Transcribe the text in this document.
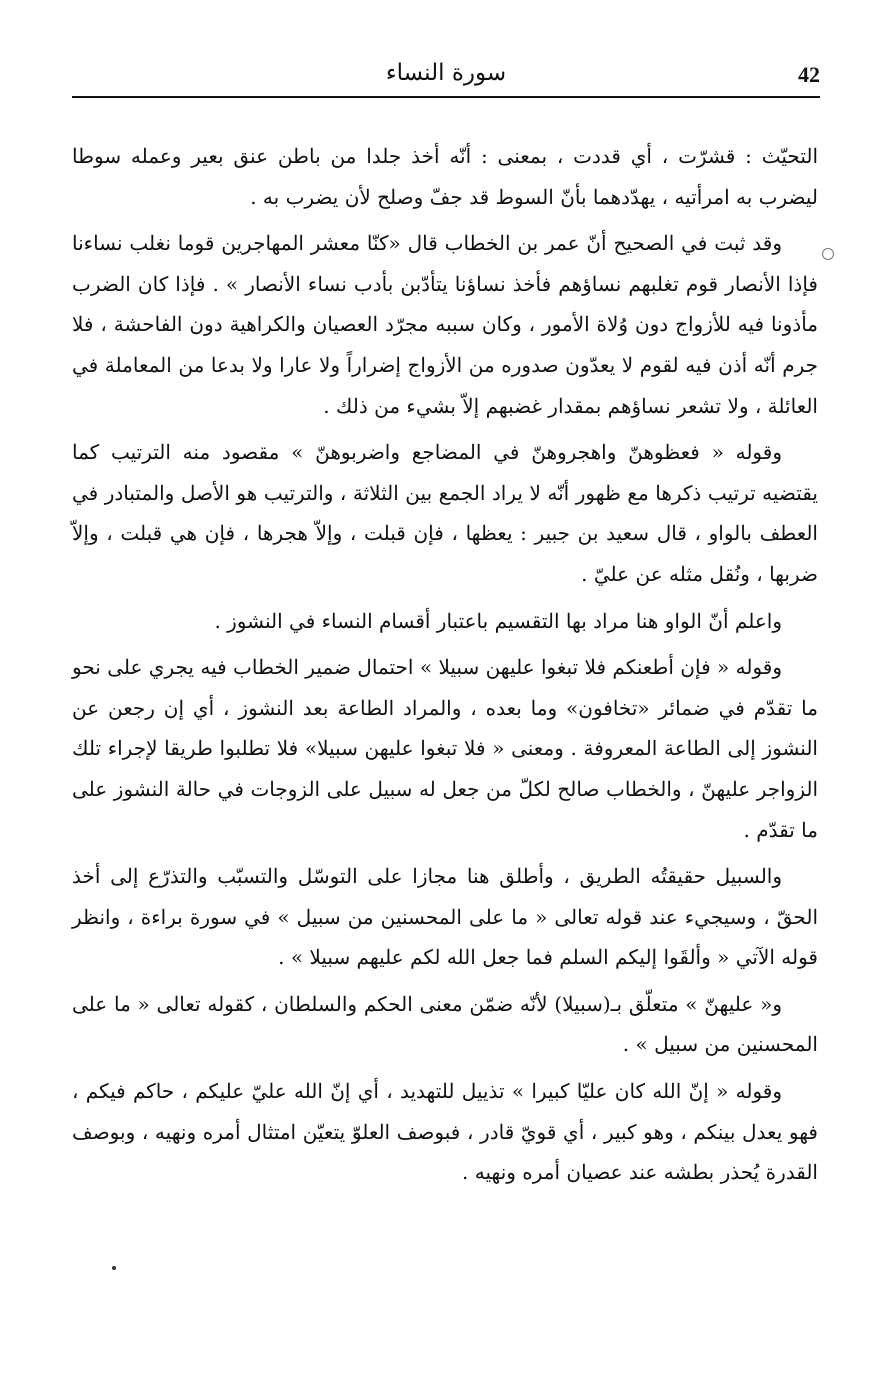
42
سورة النساء

التحيّث : قشرّت ، أي قددت ، بمعنى : أنّه أخذ جلدا من باطن عنق بعير وعمله سوطا ليضرب به امرأتيه ، يهدّدهما بأنّ السوط قد جفّ وصلح لأن يضرب به .

وقد ثبت في الصحيح أنّ عمر بن الخطاب قال «كنّا معشر المهاجرين قوما نغلب نساءنا فإذا الأنصار قوم تغلبهم نساؤهم فأخذ نساؤنا يتأدّبن بأدب نساء الأنصار » . فإذا كان الضرب مأذونا فيه للأزواج دون وُلاة الأمور ، وكان سببه مجرّد العصيان والكراهية دون الفاحشة ، فلا جرم أنّه أذن فيه لقوم لا يعدّون صدوره من الأزواج إضراراً ولا عارا ولا بدعا من المعاملة في العائلة ، ولا تشعر نساؤهم بمقدار غضبهم إلاّ بشيء من ذلك .

وقوله « فعظوهنّ واهجروهنّ في المضاجع واضربوهنّ » مقصود منه الترتيب كما يقتضيه ترتيب ذكرها مع ظهور أنّه لا يراد الجمع بين الثلاثة ، والترتيب هو الأصل والمتبادر في العطف بالواو ، قال سعيد بن جبير : يعظها ، فإن قبلت ، وإلاّ هجرها ، فإن هي قبلت ، وإلاّ ضربها ، ونُقل مثله عن عليّ .

واعلم أنّ الواو هنا مراد بها التقسيم باعتبار أقسام النساء في النشوز .

وقوله « فإن أطعنكم فلا تبغوا عليهن سبيلا » احتمال ضمير الخطاب فيه يجري على نحو ما تقدّم في ضمائر «تخافون» وما بعده ، والمراد الطاعة بعد النشوز ، أي إن رجعن عن النشوز إلى الطاعة المعروفة . ومعنى « فلا تبغوا عليهن سبيلا» فلا تطلبوا طريقا لإجراء تلك الزواجر عليهنّ ، والخطاب صالح لكلّ من جعل له سبيل على الزوجات في حالة النشوز على ما تقدّم .

والسبيل حقيقتُه الطريق ، وأطلق هنا مجازا على التوسّل والتسبّب والتذرّع إلى أخذ الحقّ ، وسيجيء عند قوله تعالى « ما على المحسنين من سبيل » في سورة براءة ، وانظر قوله الآتي « وألقَوا إليكم السلم فما جعل الله لكم عليهم سبيلا » .

و« عليهنّ » متعلّق بـ(سبيلا) لأنّه ضمّن معنى الحكم والسلطان ، كقوله تعالى « ما على المحسنين من سبيل » .

وقوله « إنّ الله كان عليّا كبيرا » تذييل للتهديد ، أي إنّ الله عليّ عليكم ، حاكم فيكم ، فهو يعدل بينكم ، وهو كبير ، أي قويّ قادر ، فبوصف العلوّ يتعيّن امتثال أمره ونهيه ، وبوصف القدرة يُحذر بطشه عند عصيان أمره ونهيه .
